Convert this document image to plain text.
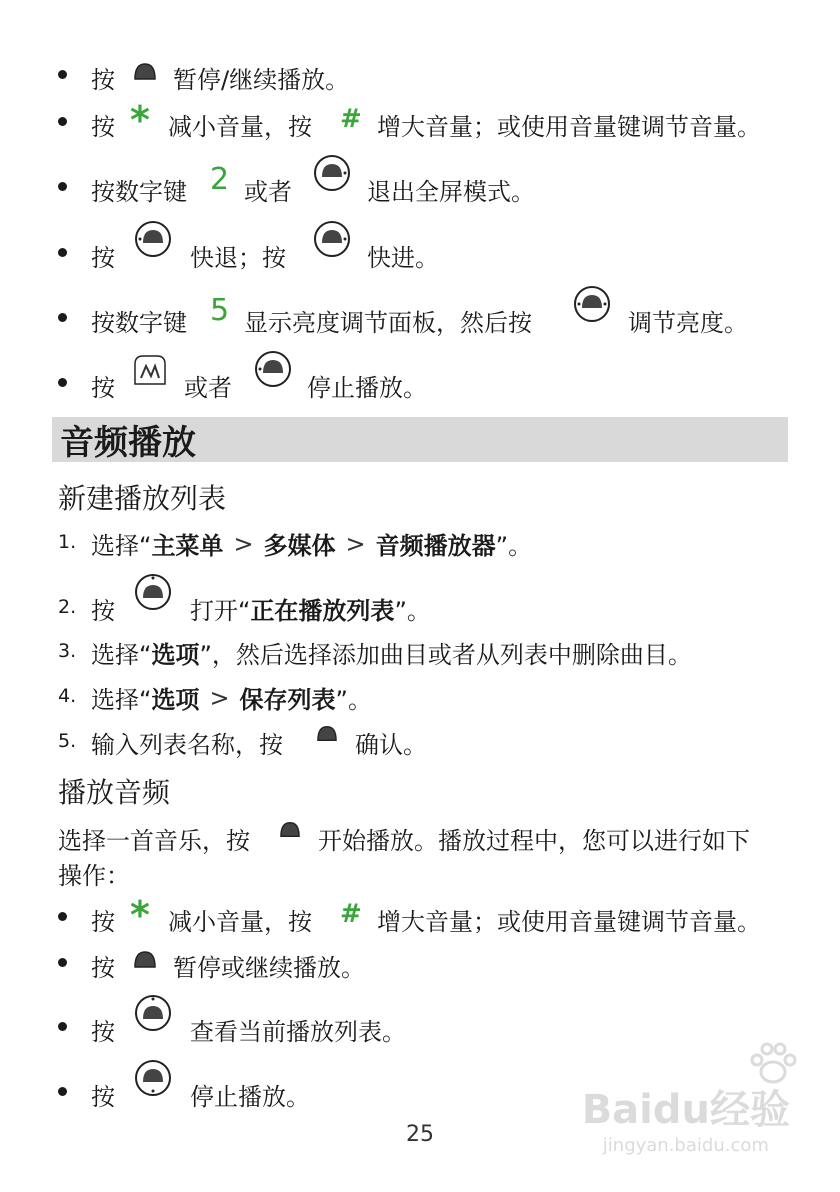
按 暂停/继续播放。
按 * 减小音量，按 # 增大音量；或使用音量键调节音量。
按数字键 2 或者	退出全屏模式。
按	快退；按	快进。
按数字键 5 显示亮度调节面板，然后按	调节亮度。
按	或者	停止播放。
音频播放
新建播放列表
1. 选择“ 主菜单 > 多媒体 > 音频播放器 ”。
2. 按	打开“ 正在播放列表 ”。
3. 选择“ 选项 ”，然后选择添加曲目或者从列表中删除曲目。
4. 选择“ 选项 > 保存列表 ”。
5. 输入列表名称，按	确认。
播放音频
选择一首音乐，按	开始播放。播放过程中，您可以进行如下
操作：
按 * 减小音量，按 # 增大音量；或使用音量键调节音量。
按 暂停或继续播放。
按	查看当前播放列表。
按	停止播放。
25
Baidu经验
jingyan.baidu.com
